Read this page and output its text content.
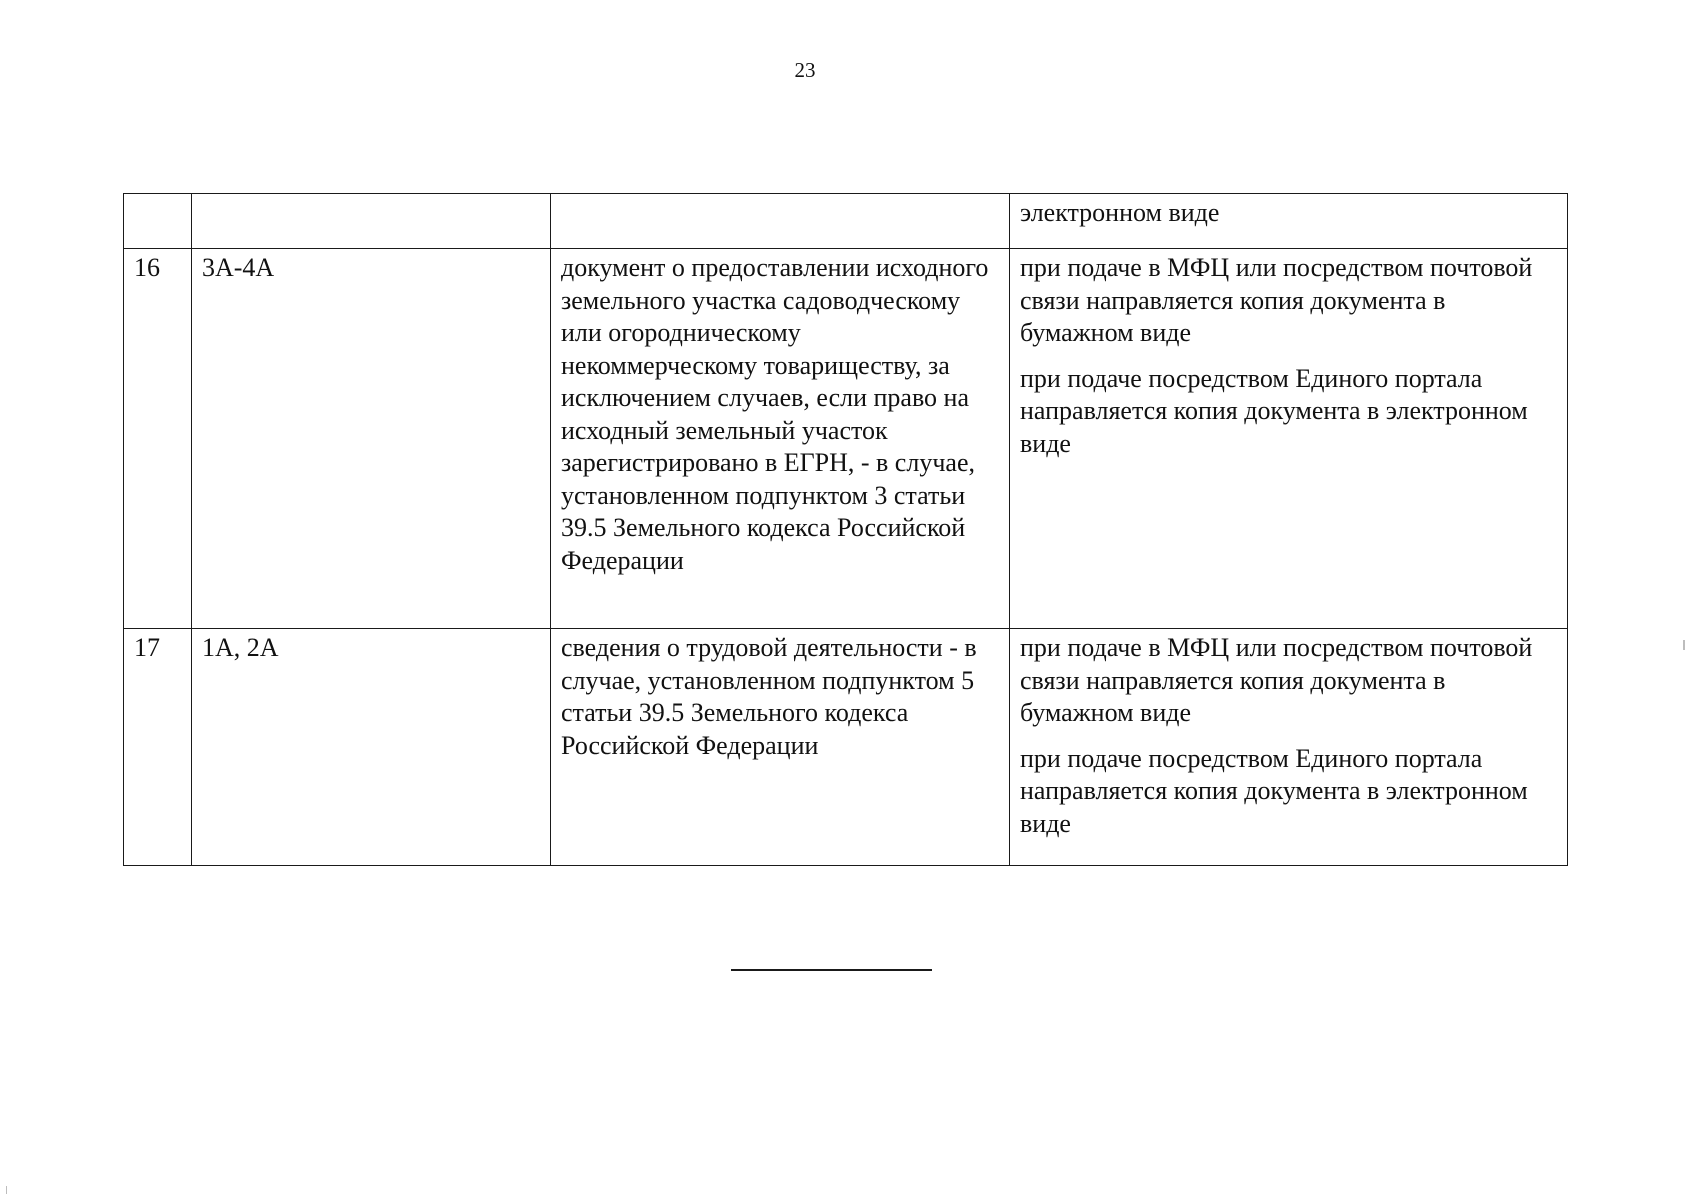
23

			электронном виде

16	3А-4А	документ о предоставлении исходного земельного участка садоводческому или огородническому некоммерческому товариществу, за исключением случаев, если право на исходный земельный участок зарегистрировано в ЕГРН, - в случае, установленном подпунктом 3 статьи 39.5 Земельного кодекса Российской Федерации	при подаче в МФЦ или посредством почтовой связи направляется копия документа в бумажном виде
при подаче посредством Единого портала направляется копия документа в электронном виде

17	1А, 2А	сведения о трудовой деятельности - в случае, установленном подпунктом 5 статьи 39.5 Земельного кодекса Российской Федерации	при подаче в МФЦ или посредством почтовой связи направляется копия документа в бумажном виде
при подаче посредством Единого портала направляется копия документа в электронном виде
